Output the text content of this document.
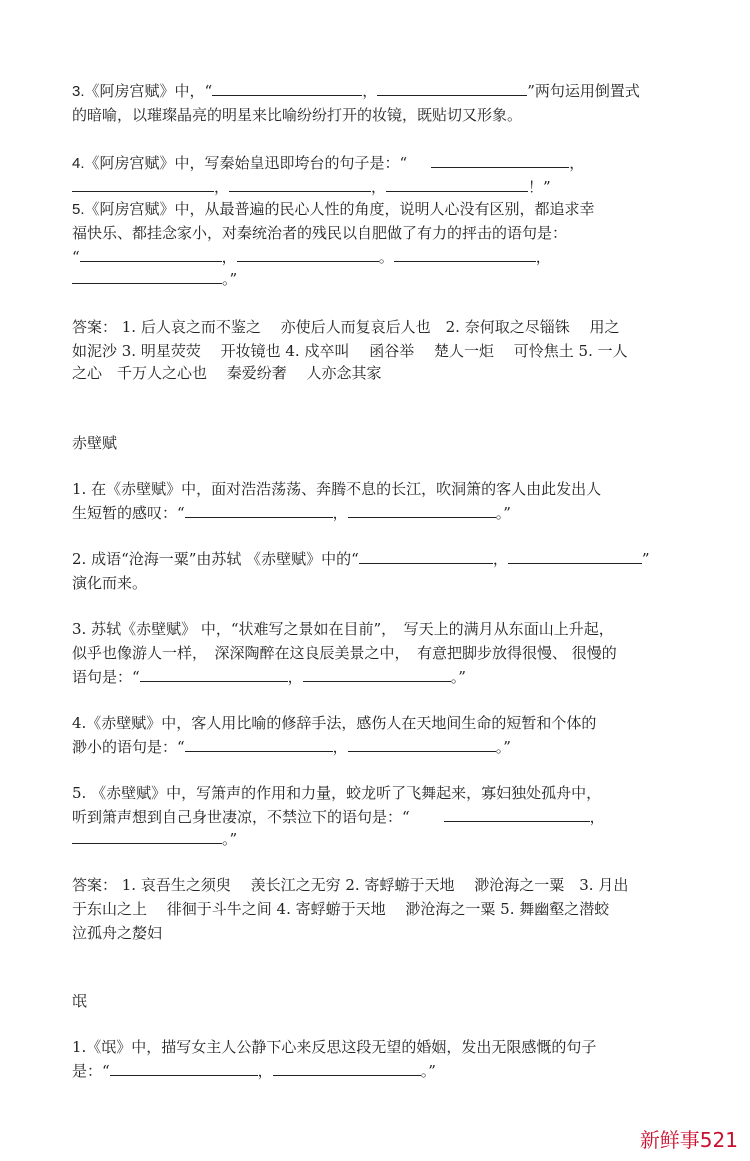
3.《阿房宫赋》中，“	，	”两句运用倒置式
的暗喻，以璀璨晶亮的明星来比喻纷纷打开的妆镜，既贴切又形象。
4.《阿房宫赋》中，写秦始皇迅即垮台的句子是：“	，
，	，	！”
5.《阿房宫赋》中，从最普遍的民心人性的角度，说明人心没有区别，都追求幸
福快乐、都挂念家小，对秦统治者的残民以自肥做了有力的抨击的语句是：
“	，	。	，
。”
答案： 1. 后人哀之而不鉴之　 亦使后人而复哀后人也　2. 奈何取之尽锱铢　 用之
如泥沙 3. 明星荧荧　 开妆镜也 4. 戍卒叫　 函谷举　 楚人一炬　 可怜焦土 5. 一人
之心　千万人之心也　 秦爱纷奢　 人亦念其家
赤壁赋
1. 在《赤壁赋》中，面对浩浩荡荡、奔腾不息的长江，吹洞箫的客人由此发出人
生短暂的感叹：“	，	。”
2. 成语“沧海一粟”由苏轼 《赤壁赋》中的“	，	”
演化而来。
3. 苏轼《赤壁赋》 中，“状难写之景如在目前”，　写天上的满月从东面山上升起，
似乎也像游人一样，　深深陶醉在这良辰美景之中，　有意把脚步放得很慢、 很慢的
语句是：“	，	。”
4.《赤壁赋》中，客人用比喻的修辞手法，感伤人在天地间生命的短暂和个体的
渺小的语句是：“	，	。”
5. 《赤壁赋》中，写箫声的作用和力量，蛟龙听了飞舞起来，寡妇独处孤舟中，
听到箫声想到自己身世凄凉，不禁泣下的语句是：“	，
。”
答案： 1. 哀吾生之须臾　 羡长江之无穷 2. 寄蜉蝣于天地　 渺沧海之一粟　3. 月出
于东山之上　 徘徊于斗牛之间 4. 寄蜉蝣于天地　 渺沧海之一粟 5. 舞幽壑之潜蛟
泣孤舟之嫠妇
氓
1.《氓》中，描写女主人公静下心来反思这段无望的婚姻，发出无限感慨的句子
是：“	，	。”
新鲜事521
